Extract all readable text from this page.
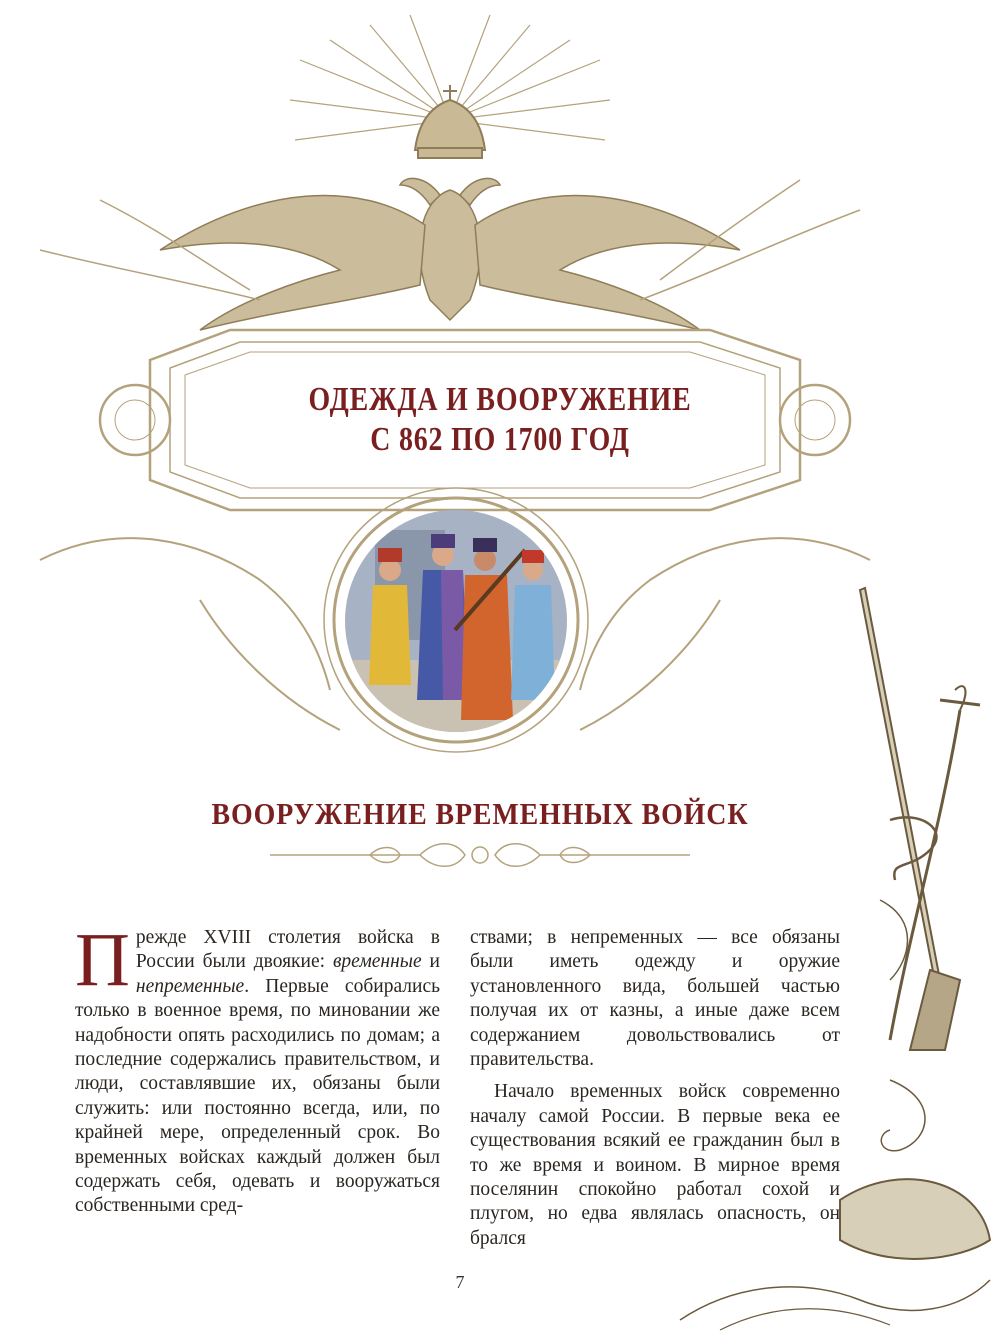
ОДЕЖДА И ВООРУЖЕНИЕ
С 862 ПО 1700 ГОД
ВООРУЖЕНИЕ ВРЕМЕННЫХ ВОЙСК

Прежде XVIII столетия войска в России были двоякие: временные и непременные. Первые собирались только в военное время, по миновании же надобности опять расходились по домам; а последние содержались правительством, и люди, составлявшие их, обязаны были служить: или постоянно всегда, или, по крайней мере, определенный срок. Во временных войсках каждый должен был содержать себя, одевать и вооружаться собственными сред-

ствами; в непременных — все обязаны были иметь одежду и оружие установленного вида, большей частью получая их от казны, а иные даже всем содержанием довольствовались от правительства.

Начало временных войск современно началу самой России. В первые века ее существования всякий ее гражданин был в то же время и воином. В мирное время поселянин спокойно работал сохой и плугом, но едва являлась опасность, он брался

7
